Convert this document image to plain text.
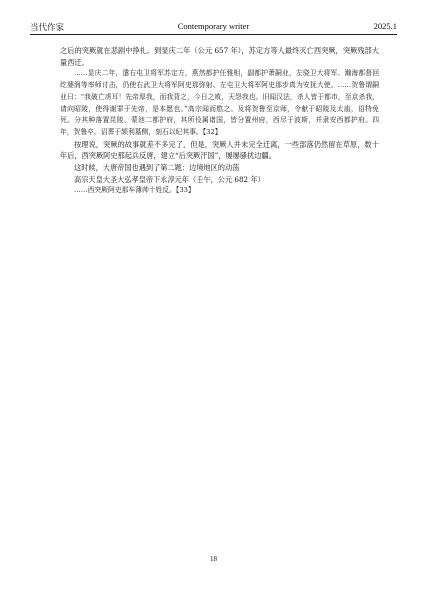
当代作家	Contemporary writer	2025.1

之后的突厥就在悲剧中挣扎。到显庆二年（公元 657 年），苏定方等人最终灭亡西突厥，突厥残部大量西迁。

……显庆二年，遣右屯卫将军苏定方，燕然都护任雅相，副都护萧嗣业，左骁卫大将军、瀚海都督回纥婆润等率师讨击，仍使右武卫大将军阿史那弥射、左屯卫大将军阿史那步真为安抚大使。……贺鲁谓嗣业曰：“我破亡虏耳！先帝厚我，而我背之，今日之败，天怨我也。旧闻汉法，杀人皆于都市，至京杀我，请向昭陵，使得谢罪于先帝，是本愿也。”高宗闻而愍之。及将贺鲁至京师，令献于昭陵及太庙，诏特免死。分其种落置昆陵、蒙池二都护府，其所役属诸国，皆分置州府，西尽于波斯，并隶安西都护府。四年，贺鲁卒。诏葬于颉利墓侧，刻石以纪其事。【32】

按理说，突厥的故事就差不多完了，但是，突厥人并未完全迁离，一些部落仍然留在草原，数十年后，西突厥阿史那起兵反唐，建立“后突厥汗国”，屡屡骚扰边疆。

这时候，大唐帝国也遇到了第二题：边境地区的动荡

高宗天皇大圣大弘孝皇帝下永淳元年（壬午，公元 682 年）

……西突厥阿史那车薄帅十姓反。【33】

18
